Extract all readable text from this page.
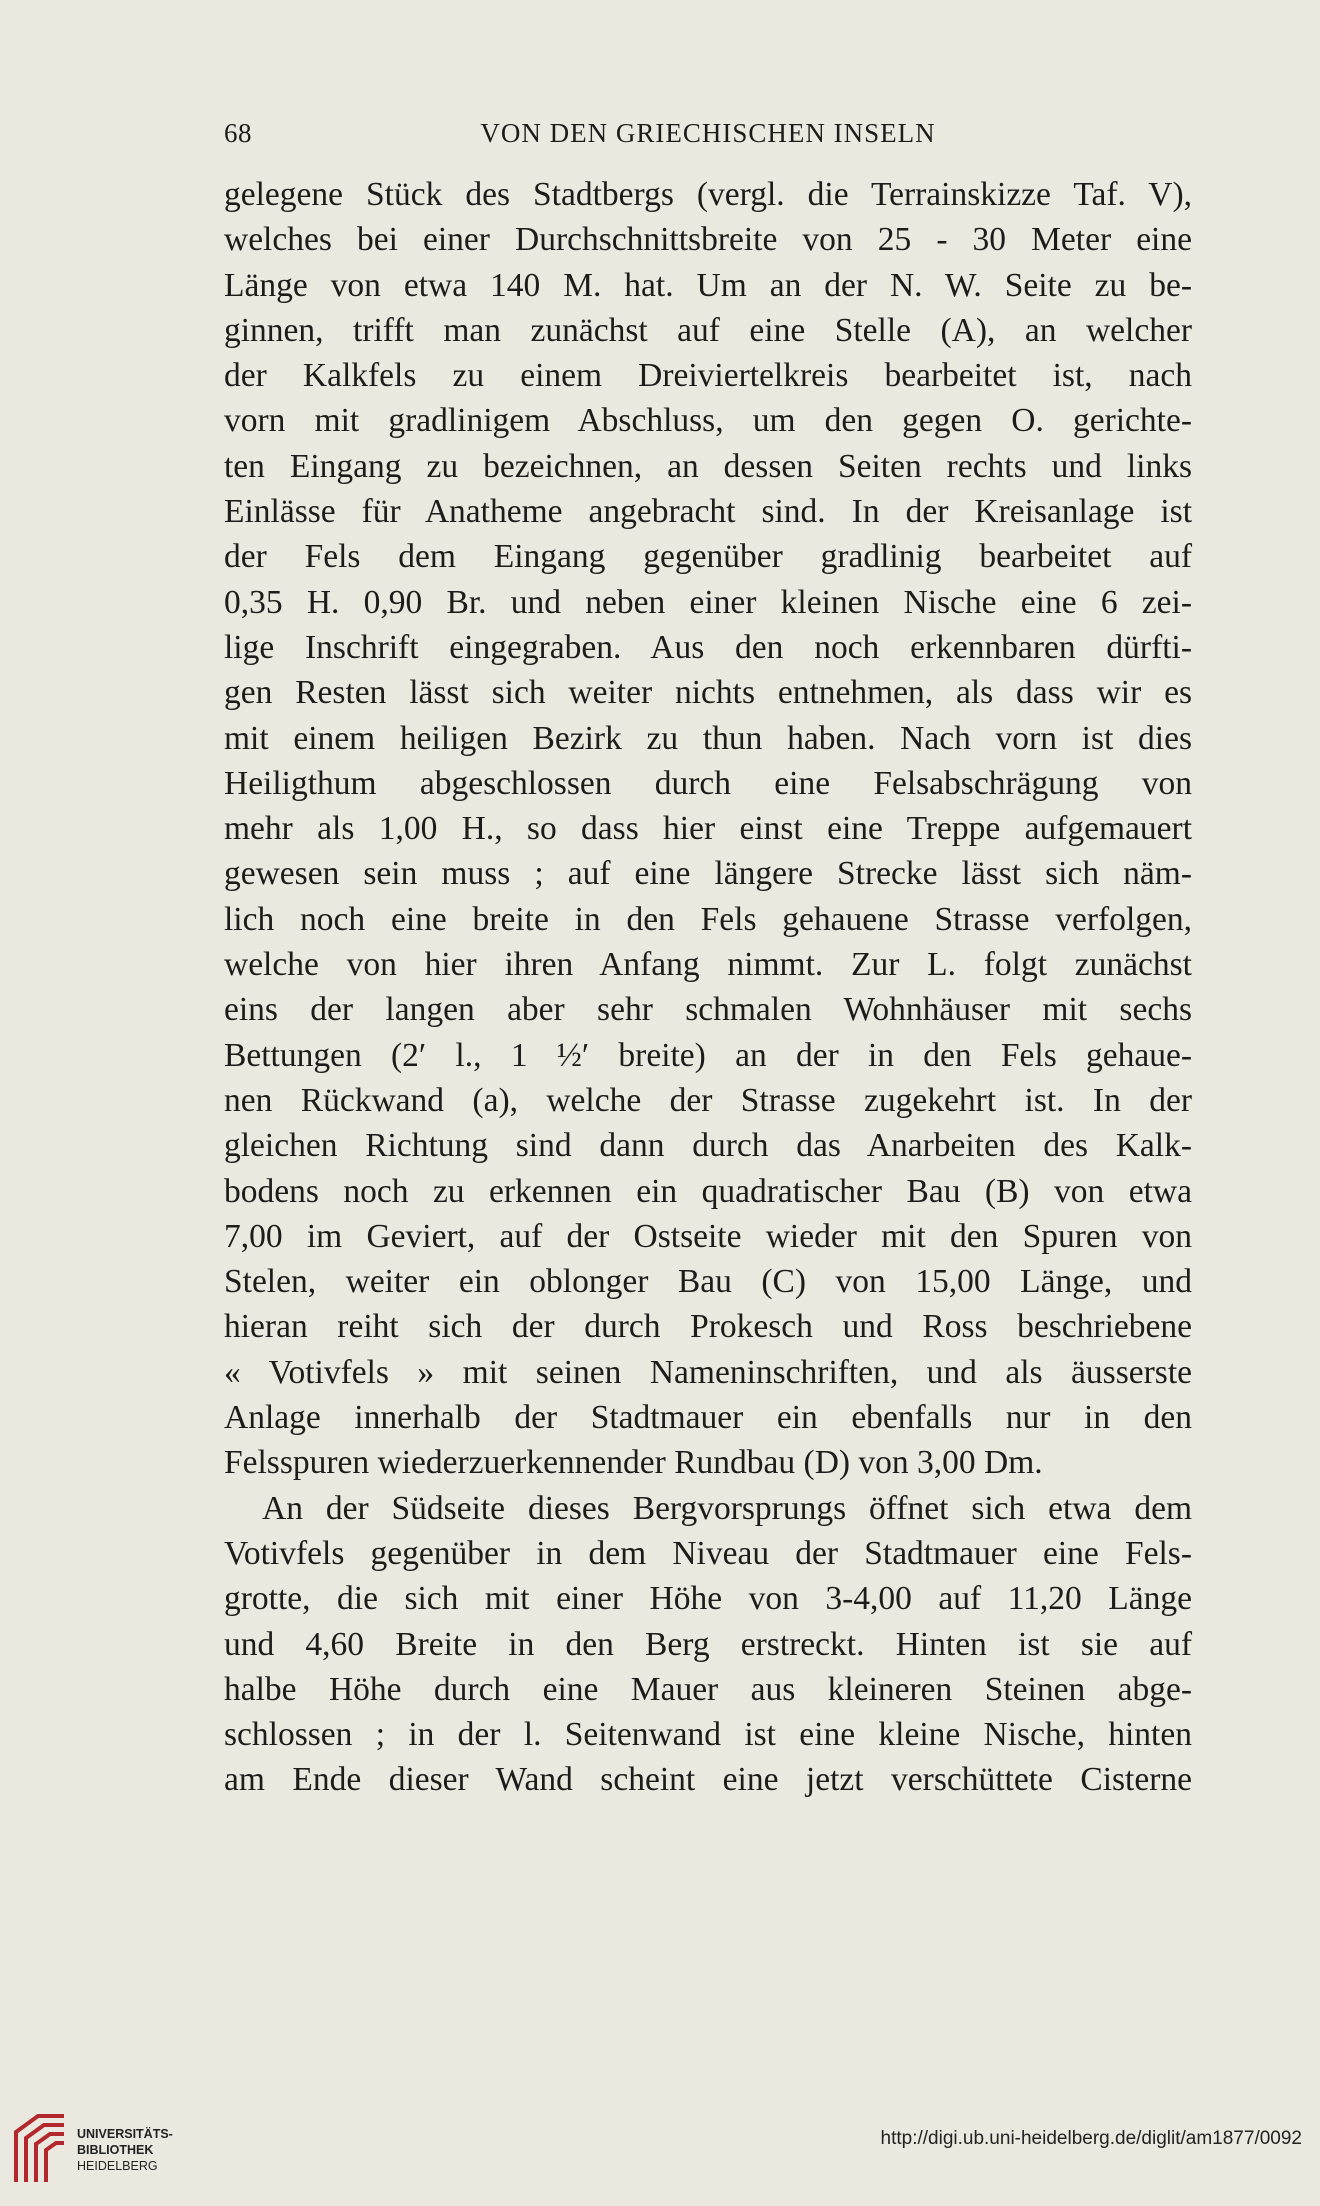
68	VON DEN GRIECHISCHEN INSELN
gelegene Stück des Stadtbergs (vergl. die Terrainskizze Taf. V),
welches bei einer Durchschnittsbreite von 25 - 30 Meter eine
Länge von etwa 140 M. hat. Um an der N. W. Seite zu be-
ginnen, trifft man zunächst auf eine Stelle (A), an welcher
der Kalkfels zu einem Dreiviertelkreis bearbeitet ist, nach
vorn mit gradlinigem Abschluss, um den gegen O. gerichte-
ten Eingang zu bezeichnen, an dessen Seiten rechts und links
Einlässe für Anatheme angebracht sind. In der Kreisanlage ist
der Fels dem Eingang gegenüber gradlinig bearbeitet auf
0,35 H. 0,90 Br. und neben einer kleinen Nische eine 6 zei-
lige Inschrift eingegraben. Aus den noch erkennbaren dürfti-
gen Resten lässt sich weiter nichts entnehmen, als dass wir es
mit einem heiligen Bezirk zu thun haben. Nach vorn ist dies
Heiligthum abgeschlossen durch eine Felsabschrägung von
mehr als 1,00 H., so dass hier einst eine Treppe aufgemauert
gewesen sein muss ; auf eine längere Strecke lässt sich näm-
lich noch eine breite in den Fels gehauene Strasse verfolgen,
welche von hier ihren Anfang nimmt. Zur L. folgt zunächst
eins der langen aber sehr schmalen Wohnhäuser mit sechs
Bettungen (2′ l., 1 ½′ breite) an der in den Fels gehaue-
nen Rückwand (a), welche der Strasse zugekehrt ist. In der
gleichen Richtung sind dann durch das Anarbeiten des Kalk-
bodens noch zu erkennen ein quadratischer Bau (B) von etwa
7,00 im Geviert, auf der Ostseite wieder mit den Spuren von
Stelen, weiter ein oblonger Bau (C) von 15,00 Länge, und
hieran reiht sich der durch Prokesch und Ross beschriebene
« Votivfels » mit seinen Nameninschriften, und als äusserste
Anlage innerhalb der Stadtmauer ein ebenfalls nur in den
Felsspuren wiederzuerkennender Rundbau (D) von 3,00 Dm.
An der Südseite dieses Bergvorsprungs öffnet sich etwa dem
Votivfels gegenüber in dem Niveau der Stadtmauer eine Fels-
grotte, die sich mit einer Höhe von 3-4,00 auf 11,20 Länge
und 4,60 Breite in den Berg erstreckt. Hinten ist sie auf
halbe Höhe durch eine Mauer aus kleineren Steinen abge-
schlossen ; in der l. Seitenwand ist eine kleine Nische, hinten
am Ende dieser Wand scheint eine jetzt verschüttete Cisterne
UNIVERSITÄTS-
BIBLIOTHEK
HEIDELBERG
http://digi.ub.uni-heidelberg.de/diglit/am1877/0092
